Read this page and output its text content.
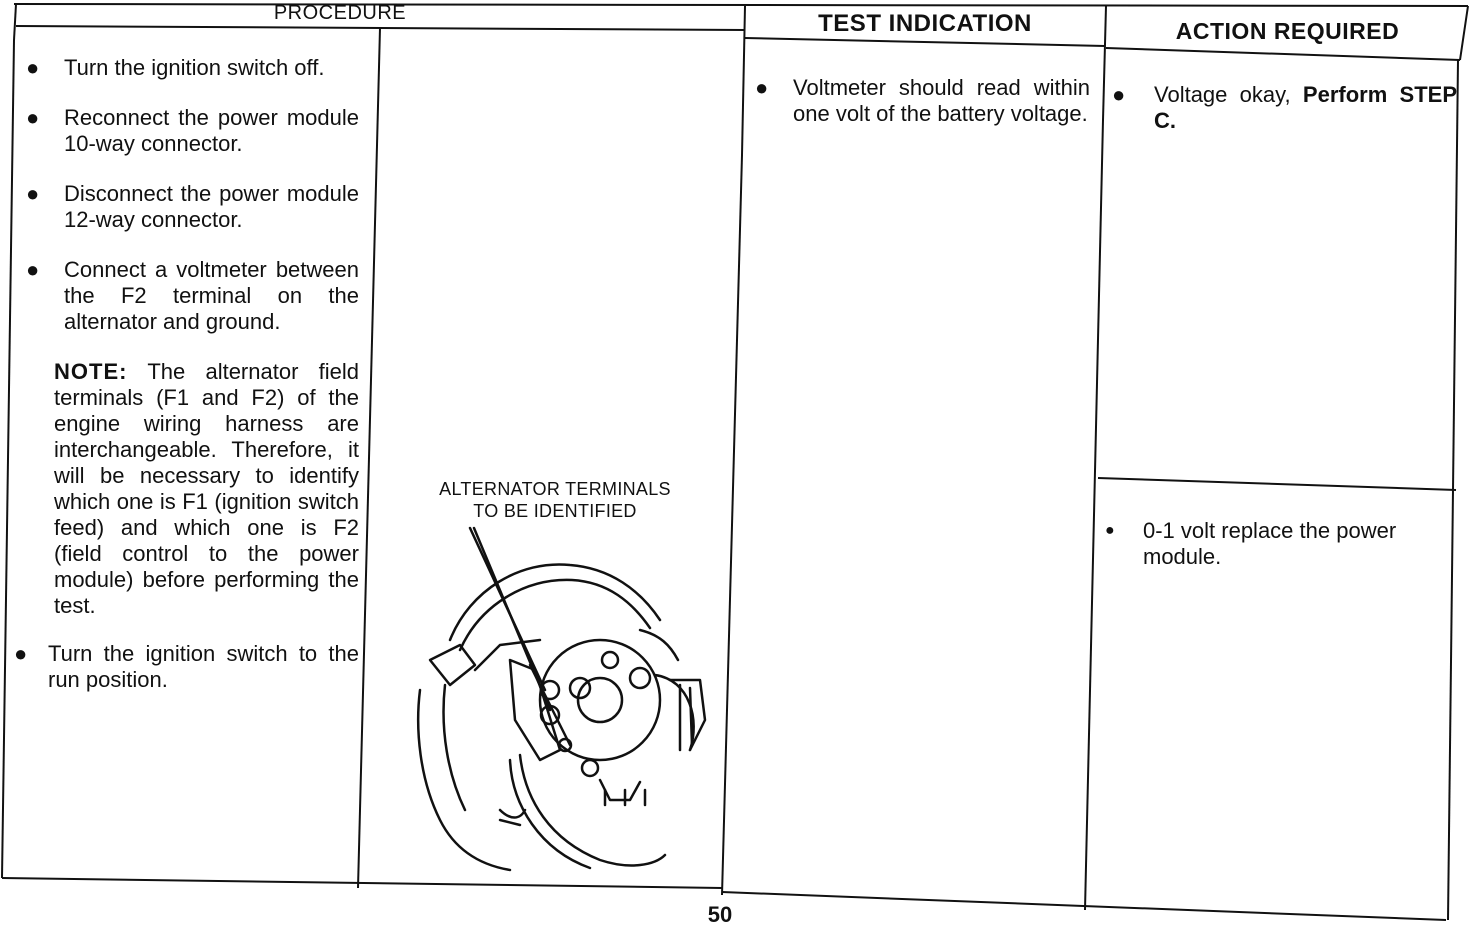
PROCEDURE	TEST INDICATION	ACTION REQUIRED
● Turn the ignition switch off.
● Reconnect the power module 10-way connector.
● Disconnect the power module 12-way connector.
● Connect a voltmeter between the F2 terminal on the alternator and ground.
NOTE: The alternator field terminals (F1 and F2) of the engine wiring harness are interchangeable. Therefore, it will be necessary to identify which one is F1 (ignition switch feed) and which one is F2 (field control to the power module) before performing the test.
● Turn the ignition switch to the run position.
ALTERNATOR TERMINALS
TO BE IDENTIFIED
● Voltmeter should read within one volt of the battery voltage.
● Voltage okay, Perform STEP C.
● 0-1 volt replace the power module.
50
